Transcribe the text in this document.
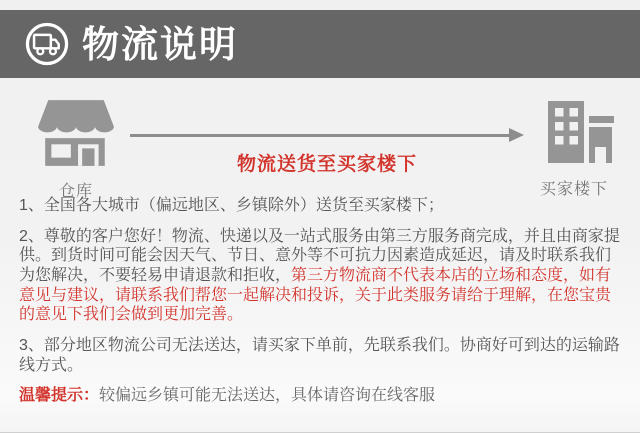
物流说明
仓库
物流送货至买家楼下
买家楼下

1、全国各大城市（偏远地区、乡镇除外）送货至买家楼下；

2、尊敬的客户您好！物流、快递以及一站式服务由第三方服务商完成，并且由商家提供。到货时间可能会因天气、节日、意外等不可抗力因素造成延迟，请及时联系我们为您解决，不要轻易申请退款和拒收，第三方物流商不代表本店的立场和态度，如有意见与建议，请联系我们帮您一起解决和投诉，关于此类服务请给于理解，在您宝贵的意见下我们会做到更加完善。

3、部分地区物流公司无法送达，请买家下单前，先联系我们。协商好可到达的运输路线方式。

温馨提示：较偏远乡镇可能无法送达，具体请咨询在线客服
